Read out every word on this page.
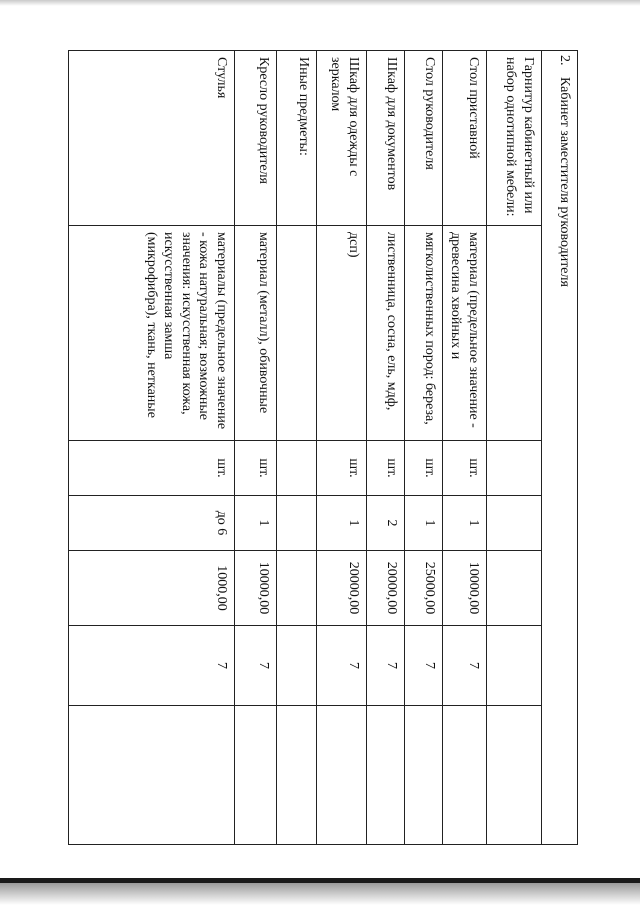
2. Кабинет заместителя руководителя						
Гарнитур кабинетный или набор однотипной мебели:						
Стол приставной	материал (предельное значение - древесина хвойных и	шт.	1	10000,00	7	
Стол руководителя	мягколиственных пород: береза,	шт.	1	25000,00	7	
Шкаф для документов	лиственница, сосна, ель, мдф,	шт.	2	20000,00	7	
Шкаф для одежды с зеркалом	дсп)	шт.	1	20000,00	7	
Иные предметы:						
Кресло руководителя	материал (металл), обивочные	шт.	1	10000,00	7	
Стулья	материалы (предельное значение - кожа натуральная; возможные значения: искусственная кожа, искусственная замша (микрофибра), ткань, нетканые	шт.	до 6	1000,00	7	
